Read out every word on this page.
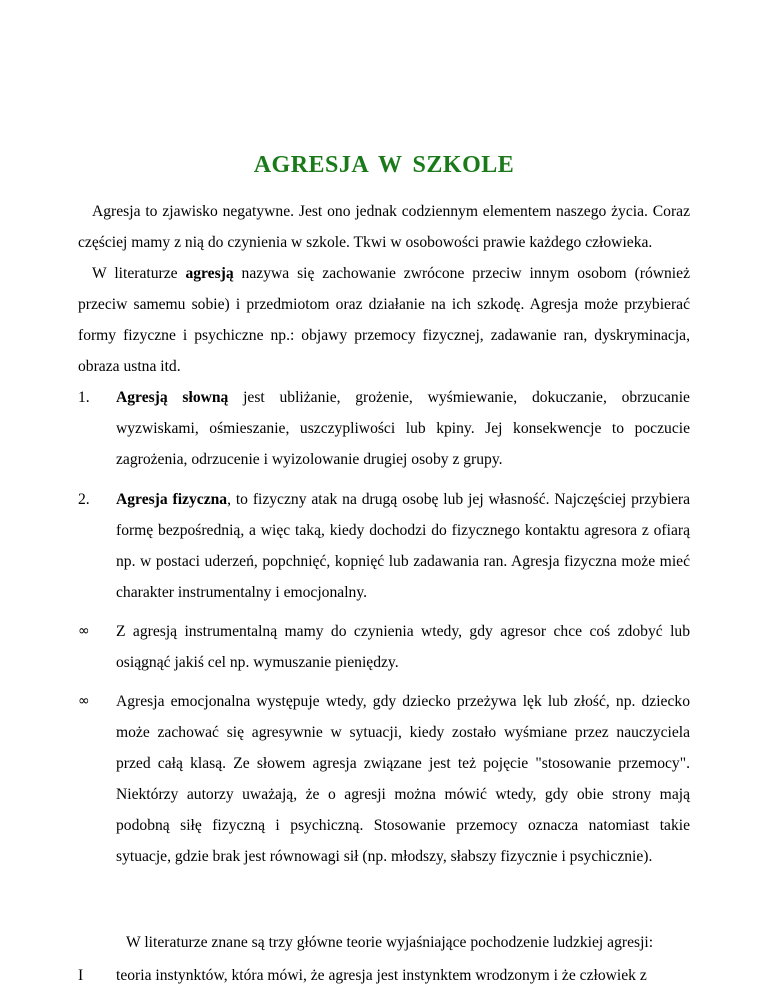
AGRESJA W SZKOLE

Agresja to zjawisko negatywne. Jest ono jednak codziennym elementem naszego życia. Coraz częściej mamy z nią do czynienia w szkole. Tkwi w osobowości prawie każdego człowieka.

W literaturze agresją nazywa się zachowanie zwrócone przeciw innym osobom (również przeciw samemu sobie) i przedmiotom oraz działanie na ich szkodę. Agresja może przybierać formy fizyczne i psychiczne np.: objawy przemocy fizycznej, zadawanie ran, dyskryminacja, obraza ustna itd.

1. Agresją słowną jest ubliżanie, grożenie, wyśmiewanie, dokuczanie, obrzucanie wyzwiskami, ośmieszanie, uszczypliwości lub kpiny. Jej konsekwencje to poczucie zagrożenia, odrzucenie i wyizolowanie drugiej osoby z grupy.
2. Agresja fizyczna, to fizyczny atak na drugą osobę lub jej własność. Najczęściej przybiera formę bezpośrednią, a więc taką, kiedy dochodzi do fizycznego kontaktu agresora z ofiarą np. w postaci uderzeń, popchnięć, kopnięć lub zadawania ran. Agresja fizyczna może mieć charakter instrumentalny i emocjonalny.
∞ Z agresją instrumentalną mamy do czynienia wtedy, gdy agresor chce coś zdobyć lub osiągnąć jakiś cel np. wymuszanie pieniędzy.
∞ Agresja emocjonalna występuje wtedy, gdy dziecko przeżywa lęk lub złość, np. dziecko może zachować się agresywnie w sytuacji, kiedy zostało wyśmiane przez nauczyciela przed całą klasą. Ze słowem agresja związane jest też pojęcie "stosowanie przemocy". Niektórzy autorzy uważają, że o agresji można mówić wtedy, gdy obie strony mają podobną siłę fizyczną i psychiczną. Stosowanie przemocy oznacza natomiast takie sytuacje, gdzie brak jest równowagi sił (np. młodszy, słabszy fizycznie i psychicznie).

W literaturze znane są trzy główne teorie wyjaśniające pochodzenie ludzkiej agresji:

I teoria instynktów, która mówi, że agresja jest instynktem wrodzonym i że człowiek z
